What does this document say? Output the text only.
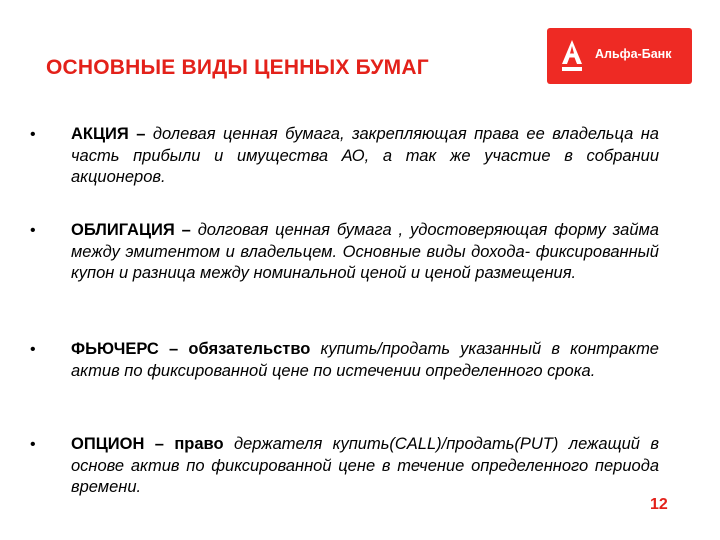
ОСНОВНЫЕ ВИДЫ ЦЕННЫХ БУМАГ
Альфа-Банк
• АКЦИЯ – долевая ценная бумага, закрепляющая права ее владельца на часть прибыли и имущества АО, а так же участие в собрании акционеров.
• ОБЛИГАЦИЯ – долговая ценная бумага , удостоверяющая форму займа между эмитентом и владельцем. Основные виды дохода- фиксированный купон и разница между номинальной ценой и ценой размещения.
• ФЬЮЧЕРС – обязательство купить/продать указанный в контракте актив по фиксированной цене по истечении определенного срока.
• ОПЦИОН – право держателя купить(CALL)/продать(PUT) лежащий в основе актив по фиксированной цене в течение определенного периода времени.
12
